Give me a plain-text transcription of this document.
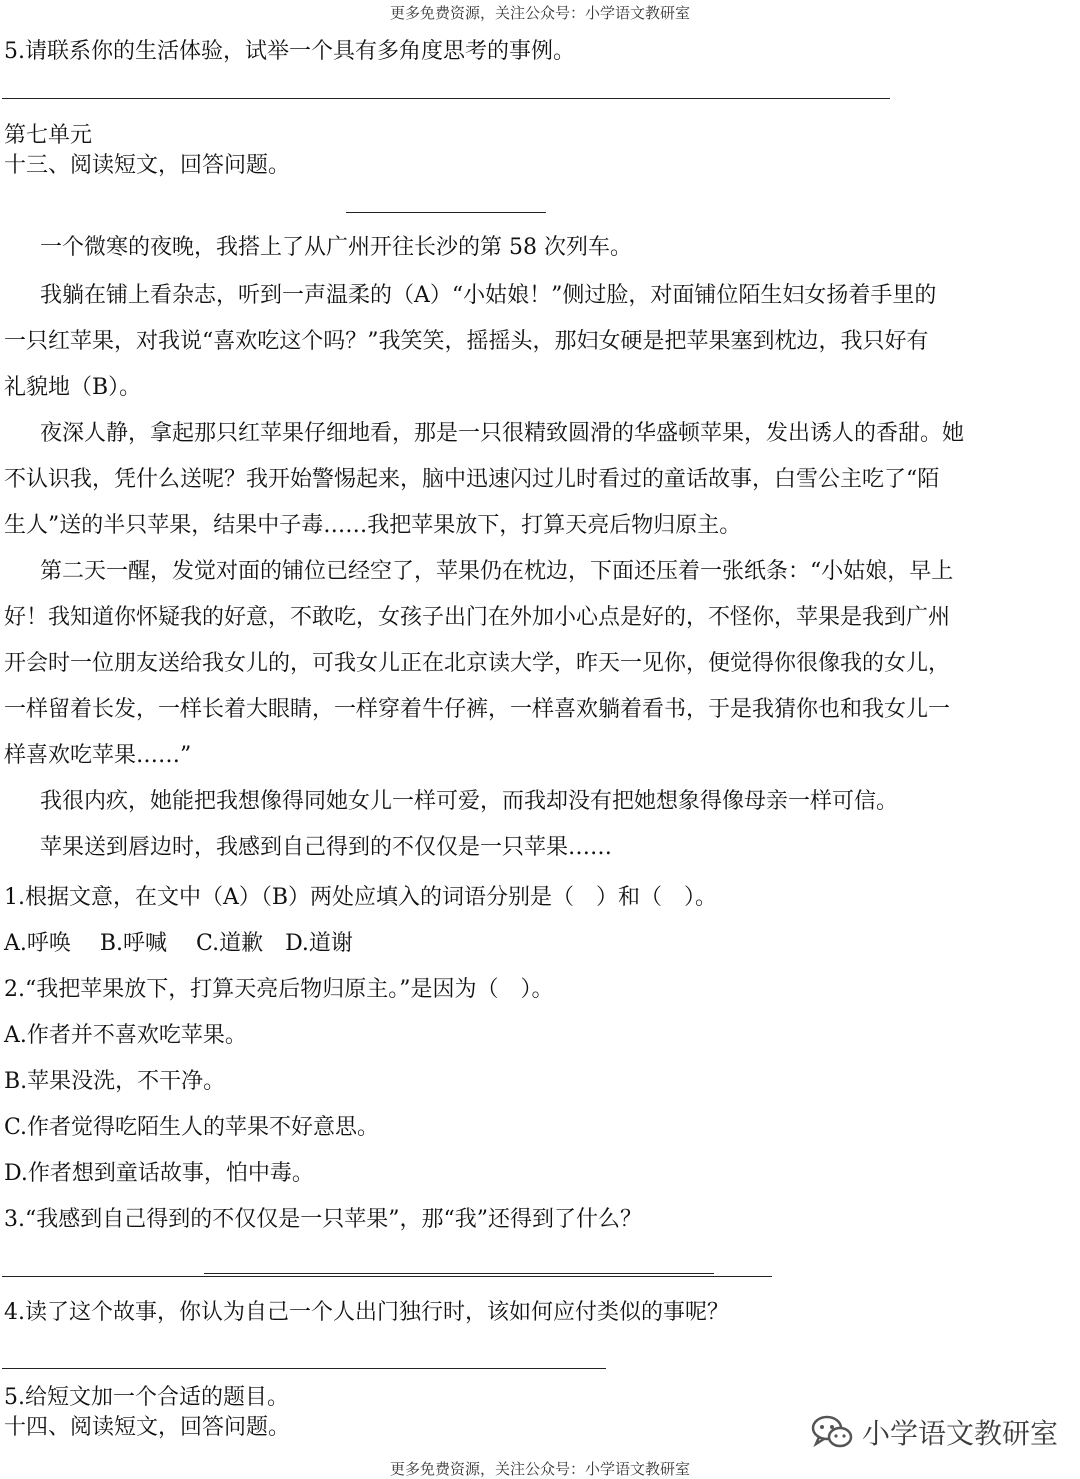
更多免费资源，关注公众号：小学语文教研室
5.请联系你的生活体验，试举一个具有多角度思考的事例。
第七单元
十三、阅读短文，回答问题。
一个微寒的夜晚，我搭上了从广州开往长沙的第 58 次列车。
我躺在铺上看杂志，听到一声温柔的（A）“小姑娘！”侧过脸，对面铺位陌生妇女扬着手里的
一只红苹果，对我说“喜欢吃这个吗？”我笑笑，摇摇头，那妇女硬是把苹果塞到枕边，我只好有
礼貌地（B）。
夜深人静，拿起那只红苹果仔细地看，那是一只很精致圆滑的华盛顿苹果，发出诱人的香甜。她
不认识我，凭什么送呢？我开始警惕起来，脑中迅速闪过儿时看过的童话故事，白雪公主吃了“陌
生人”送的半只苹果，结果中子毒……我把苹果放下，打算天亮后物归原主。
第二天一醒，发觉对面的铺位已经空了，苹果仍在枕边，下面还压着一张纸条：“小姑娘，早上
好！我知道你怀疑我的好意，不敢吃，女孩子出门在外加小心点是好的，不怪你，苹果是我到广州
开会时一位朋友送给我女儿的，可我女儿正在北京读大学，昨天一见你，便觉得你很像我的女儿，
一样留着长发，一样长着大眼睛，一样穿着牛仔裤，一样喜欢躺着看书，于是我猜你也和我女儿一
样喜欢吃苹果……”
我很内疚，她能把我想像得同她女儿一样可爱，而我却没有把她想象得像母亲一样可信。
苹果送到唇边时，我感到自己得到的不仅仅是一只苹果……
1.根据文意，在文中（A）（B）两处应填入的词语分别是（　）和（　）。
A.呼唤　 B.呼喊　 C.道歉　D.道谢
2.“我把苹果放下，打算天亮后物归原主。”是因为（　）。
A.作者并不喜欢吃苹果。
B.苹果没洗，不干净。
C.作者觉得吃陌生人的苹果不好意思。
D.作者想到童话故事，怕中毒。
3.“我感到自己得到的不仅仅是一只苹果”，那“我”还得到了什么？
4.读了这个故事，你认为自己一个人出门独行时，该如何应付类似的事呢？
5.给短文加一个合适的题目。
十四、阅读短文，回答问题。	小学语文教研室
更多免费资源，关注公众号：小学语文教研室
